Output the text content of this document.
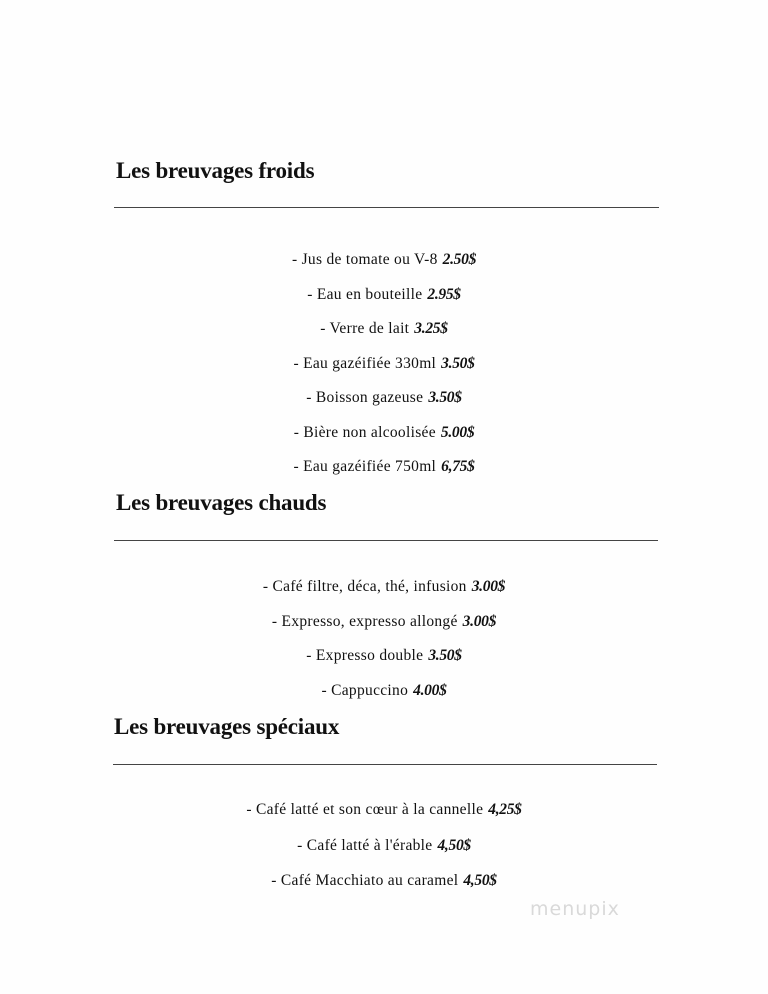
Les breuvages froids
- Jus de tomate ou V-8 2.50$
- Eau en bouteille 2.95$
- Verre de lait 3.25$
- Eau gazéifiée 330ml 3.50$
- Boisson gazeuse 3.50$
- Bière non alcoolisée 5.00$
- Eau gazéifiée 750ml 6,75$
Les breuvages chauds
- Café filtre, déca, thé, infusion 3.00$
- Expresso, expresso allongé 3.00$
- Expresso double 3.50$
- Cappuccino 4.00$
Les breuvages spéciaux
- Café latté et son cœur à la cannelle 4,25$
- Café latté à l'érable 4,50$
- Café Macchiato au caramel 4,50$

menupix
